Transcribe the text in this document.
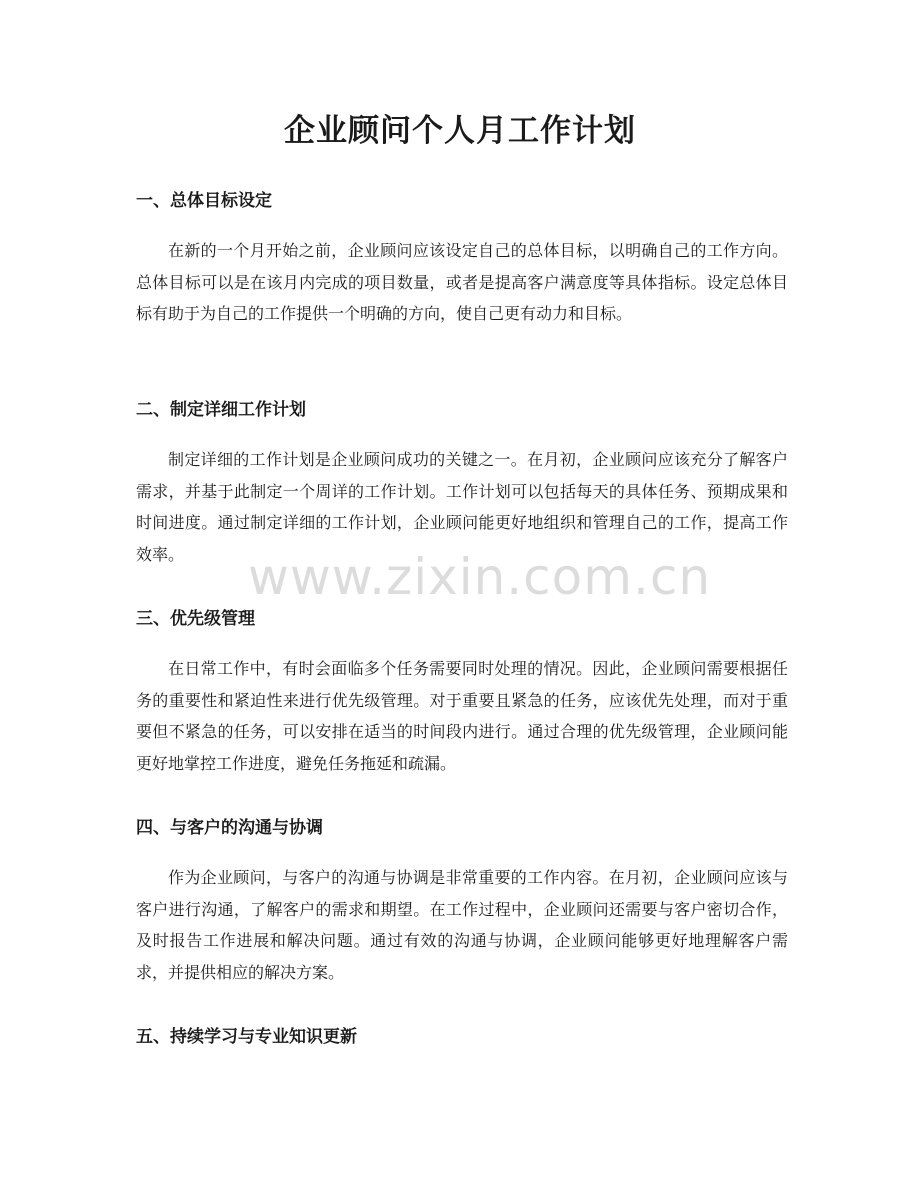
企业顾问个人月工作计划
一、总体目标设定

在新的一个月开始之前，企业顾问应该设定自己的总体目标，以明确自己的工作方向。总体目标可以是在该月内完成的项目数量，或者是提高客户满意度等具体指标。设定总体目标有助于为自己的工作提供一个明确的方向，使自己更有动力和目标。

二、制定详细工作计划

制定详细的工作计划是企业顾问成功的关键之一。在月初，企业顾问应该充分了解客户需求，并基于此制定一个周详的工作计划。工作计划可以包括每天的具体任务、预期成果和时间进度。通过制定详细的工作计划，企业顾问能更好地组织和管理自己的工作，提高工作效率。

三、优先级管理

在日常工作中，有时会面临多个任务需要同时处理的情况。因此，企业顾问需要根据任务的重要性和紧迫性来进行优先级管理。对于重要且紧急的任务，应该优先处理，而对于重要但不紧急的任务，可以安排在适当的时间段内进行。通过合理的优先级管理，企业顾问能更好地掌控工作进度，避免任务拖延和疏漏。

四、与客户的沟通与协调

作为企业顾问，与客户的沟通与协调是非常重要的工作内容。在月初，企业顾问应该与客户进行沟通，了解客户的需求和期望。在工作过程中，企业顾问还需要与客户密切合作，及时报告工作进展和解决问题。通过有效的沟通与协调，企业顾问能够更好地理解客户需求，并提供相应的解决方案。

五、持续学习与专业知识更新
www.zixin.com.cn
